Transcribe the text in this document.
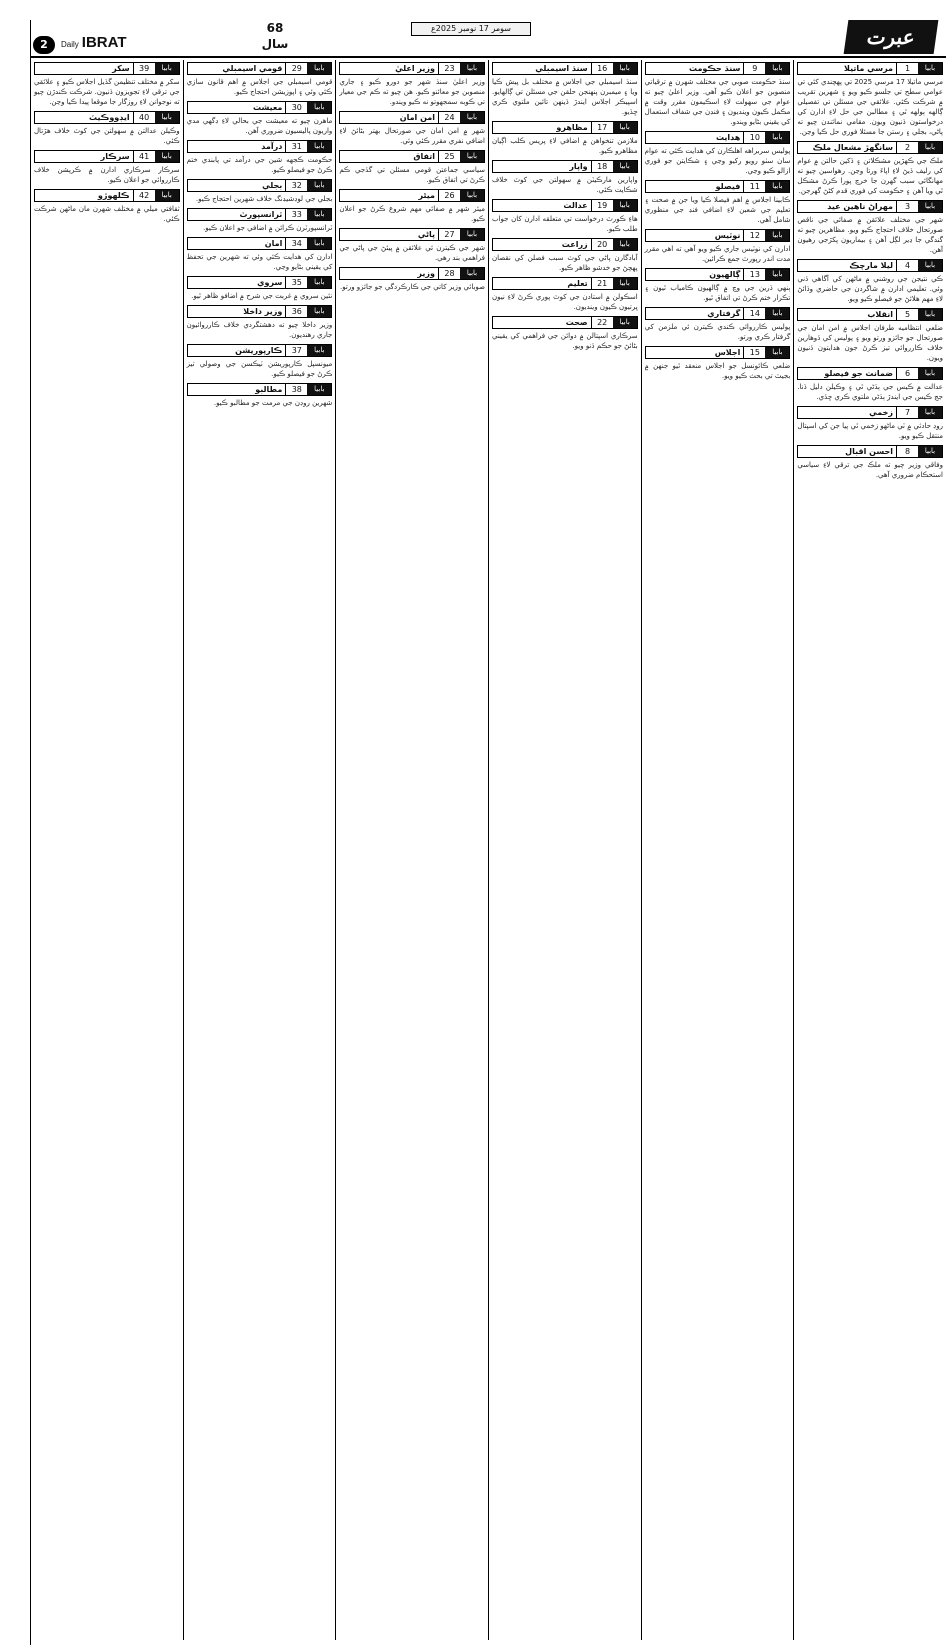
2	Daily IBRAT
68
سال
سومر 17 نومبر 2025ع	عبرت
بابيا
1
مرسي ماتيلا
مرسي ماتيلا 17 مرسي 2025 تي پهچندي کئي تي عوامي سطح تي جلسو ڪيو ويو ۽ شهرين تقريب ۾ شرڪت ڪئي. علائقي جي مسئلن تي تفصيلي ڳالهه ٻولهه ٿي ۽ مطالبن جي حل لاءِ ادارن کي درخواستون ڏنيون ويون. مقامي نمائندن چيو ته پاڻي، بجلي ۽ رستن جا مسئلا فوري حل ڪيا وڃن.
بابيا
2
سانگهڙ مشعال ملڪ
ملڪ جي ڪهڙين مشڪلاتن ۽ ڏکين حالتن ۾ عوام کي رليف ڏيڻ لاءِ اپاءَ ورتا وڃن. رهواسين چيو ته مهانگائي سبب گهرن جا خرچ پورا ڪرڻ مشڪل ٿي ويا آهن ۽ حڪومت کي فوري قدم کڻڻ گهرجن.
بابيا
3
مهراڻ ناهين عيد
شهر جي مختلف علائقن ۾ صفائي جي ناقص صورتحال خلاف احتجاج ڪيو ويو. مظاهرين چيو ته گندگي جا ڍير لڳل آهن ۽ بيماريون پکڙجي رهيون آهن.
بابيا
4
ليلا مارچڪ
ڪي نتيجن جي روشني ۾ ماڻهن کي آگاهي ڏني وئي. تعليمي ادارن ۾ شاگردن جي حاضري وڌائڻ لاءِ مهم هلائڻ جو فيصلو ڪيو ويو.
بابيا
5
انقلاب
ضلعي انتظاميه طرفان اجلاس ۾ امن امان جي صورتحال جو جائزو ورتو ويو ۽ پوليس کي ڏوهارين خلاف ڪارروائي تيز ڪرڻ جون هدايتون ڏنيون ويون.
بابيا
6
ضمانت جو فيصلو
عدالت ۾ ڪيس جي ٻڌڻي ٿي ۽ وڪيلن دليل ڏنا. جج ڪيس جي ايندڙ ٻڌڻي ملتوي ڪري ڇڏي.
بابيا
7
زخمي
روڊ حادثي ۾ ٽي ماڻهو زخمي ٿي پيا جن کي اسپتال منتقل ڪيو ويو.
بابيا
8
احسن اقبال
وفاقي وزير چيو ته ملڪ جي ترقي لاءِ سياسي استحڪام ضروري آهي.
بابيا
9
سنڌ حڪومت
سنڌ حڪومت صوبي جي مختلف شهرن ۾ ترقياتي منصوبن جو اعلان ڪيو آهي. وزير اعليٰ چيو ته عوام جي سهولت لاءِ اسڪيمون مقرر وقت ۾ مڪمل ڪيون وينديون ۽ فنڊن جي شفاف استعمال کي يقيني بڻايو ويندو.
بابيا
10
هدايت
پوليس سربراهه اهلڪارن کي هدايت ڪئي ته عوام سان سٺو رويو رکيو وڃي ۽ شڪايتن جو فوري ازالو ڪيو وڃي.
بابيا
11
فيصلو
ڪابينا اجلاس ۾ اهم فيصلا ڪيا ويا جن ۾ صحت ۽ تعليم جي شعبن لاءِ اضافي فنڊ جي منظوري شامل آهي.
بابيا
12
نوٽيس
ادارن کي نوٽيس جاري ڪيو ويو آهي ته اهي مقرر مدت اندر رپورٽ جمع ڪرائين.
بابيا
13
ڳالهيون
ٻنهي ڌرين جي وچ ۾ ڳالهيون ڪامياب ٿيون ۽ تڪرار ختم ڪرڻ تي اتفاق ٿيو.
بابيا
14
گرفتاري
پوليس ڪارروائي ڪندي ڪيترن ئي ملزمن کي گرفتار ڪري ورتو.
بابيا
15
اجلاس
ضلعي ڪائونسل جو اجلاس منعقد ٿيو جنهن ۾ بجيٽ تي بحث ڪيو ويو.
بابيا
16
سنڌ اسيمبلي
سنڌ اسيمبلي جي اجلاس ۾ مختلف بل پيش ڪيا ويا ۽ ميمبرن پنهنجن حلقن جي مسئلن تي ڳالهايو. اسپيڪر اجلاس ايندڙ ڏينهن تائين ملتوي ڪري ڇڏيو.
بابيا
17
مظاهرو
ملازمن تنخواهن ۾ اضافي لاءِ پريس ڪلب اڳيان مظاهرو ڪيو.
بابيا
18
واپار
واپارين مارڪيٽن ۾ سهولتن جي کوٽ خلاف شڪايت ڪئي.
بابيا
19
عدالت
هاءِ ڪورٽ درخواست تي متعلقه ادارن کان جواب طلب ڪيو.
بابيا
20
زراعت
آبادگارن پاڻي جي کوٽ سبب فصلن کي نقصان پهچڻ جو خدشو ظاهر ڪيو.
بابيا
21
تعليم
اسڪولن ۾ استادن جي کوٽ پوري ڪرڻ لاءِ نيون ڀرتيون ڪيون وينديون.
بابيا
22
صحت
سرڪاري اسپتالن ۾ دوائن جي فراهمي کي يقيني بڻائڻ جو حڪم ڏنو ويو.
بابيا
23
وزير اعليٰ
وزير اعليٰ سنڌ شهر جو دورو ڪيو ۽ جاري منصوبن جو معائنو ڪيو. هن چيو ته ڪم جي معيار تي ڪوبه سمجهوتو نه ڪيو ويندو.
بابيا
24
امن امان
شهر ۾ امن امان جي صورتحال بهتر بڻائڻ لاءِ اضافي نفري مقرر ڪئي وئي.
بابيا
25
اتفاق
سياسي جماعتن قومي مسئلن تي گڏجي ڪم ڪرڻ تي اتفاق ڪيو.
بابيا
26
ميئر
ميئر شهر ۾ صفائي مهم شروع ڪرڻ جو اعلان ڪيو.
بابيا
27
پاڻي
شهر جي ڪيترن ئي علائقن ۾ پيئڻ جي پاڻي جي فراهمي بند رهي.
بابيا
28
وزير
صوبائي وزير کاتي جي ڪارڪردگي جو جائزو ورتو.
بابيا
29
قومي اسيمبلي
قومي اسيمبلي جي اجلاس ۾ اهم قانون سازي ڪئي وئي ۽ اپوزيشن احتجاج ڪيو.
بابيا
30
معيشت
ماهرن چيو ته معيشت جي بحالي لاءِ ڊگهي مدي واريون پاليسيون ضروري آهن.
بابيا
31
درآمد
حڪومت ڪجهه شين جي درآمد تي پابندي ختم ڪرڻ جو فيصلو ڪيو.
بابيا
32
بجلي
بجلي جي لوڊشيڊنگ خلاف شهرين احتجاج ڪيو.
بابيا
33
ٽرانسپورٽ
ٽرانسپورٽرن ڪرائن ۾ اضافي جو اعلان ڪيو.
بابيا
34
امان
ادارن کي هدايت ڪئي وئي ته شهرين جي تحفظ کي يقيني بڻايو وڃي.
بابيا
35
سروي
نئين سروي ۾ غربت جي شرح ۾ اضافو ظاهر ٿيو.
بابيا
36
وزير داخلا
وزير داخلا چيو ته دهشتگردي خلاف ڪارروائيون جاري رهنديون.
بابيا
37
ڪارپوريشن
ميونسپل ڪارپوريشن ٽيڪسن جي وصولي تيز ڪرڻ جو فيصلو ڪيو.
بابيا
38
مطالبو
شهرين روڊن جي مرمت جو مطالبو ڪيو.
بابيا
39
سکر
سکر ۾ مختلف تنظيمن گڏيل اجلاس ڪيو ۽ علائقي جي ترقي لاءِ تجويزون ڏنيون. شرڪت ڪندڙن چيو ته نوجوانن لاءِ روزگار جا موقعا پيدا ڪيا وڃن.
بابيا
40
ايڊووڪيٽ
وڪيلن عدالتن ۾ سهولتن جي کوٽ خلاف هڙتال ڪئي.
بابيا
41
سرڪار
سرڪار سرڪاري ادارن ۾ ڪرپشن خلاف ڪارروائي جو اعلان ڪيو.
بابيا
42
ڪلهوڙو
ثقافتي ميلي ۾ مختلف شهرن مان ماڻهن شرڪت ڪئي.
